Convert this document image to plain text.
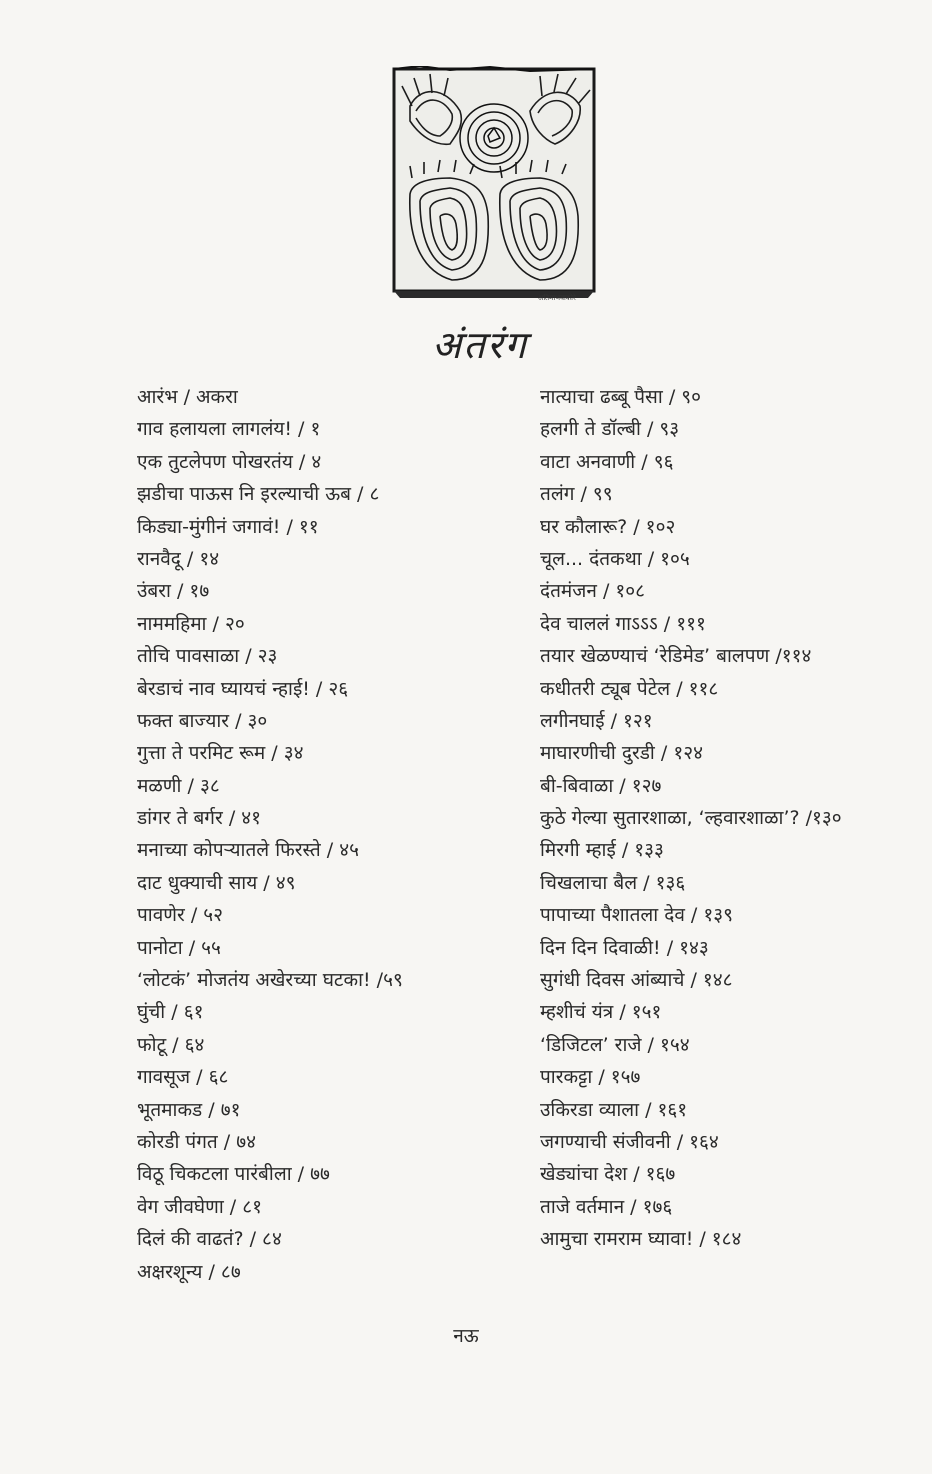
अतिमाभवाकोरे
अंतरंग
आरंभ / अकरा
गाव हलायला लागलंय! / १
एक तुटलेपण पोखरतंय / ४
झडीचा पाऊस नि इरल्याची ऊब / ८
किड्या-मुंगीनं जगावं! / ११
रानवैदू / १४
उंबरा / १७
नाममहिमा / २०
तोचि पावसाळा / २३
बेरडाचं नाव घ्यायचं न्हाई! / २६
फक्त बाज्यार / ३०
गुत्ता ते परमिट रूम / ३४
मळणी / ३८
डांगर ते बर्गर / ४१
मनाच्या कोपऱ्यातले फिरस्ते / ४५
दाट धुक्याची साय / ४९
पावणेर / ५२
पानोटा / ५५
‘लोटकं’ मोजतंय अखेरच्या घटका! /५९
घुंची / ६१
फोटू / ६४
गावसूज / ६८
भूतमाकड / ७१
कोरडी पंगत / ७४
विठू चिकटला पारंबीला / ७७
वेग जीवघेणा / ८१
दिलं की वाढतं? / ८४
अक्षरशून्य / ८७
नात्याचा ढब्बू पैसा / ९०
हलगी ते डॉल्बी / ९३
वाटा अनवाणी / ९६
तलंग / ९९
घर कौलारू? / १०२
चूल... दंतकथा / १०५
दंतमंजन / १०८
देव चाललं गाऽऽऽ / १११
तयार खेळण्याचं ‘रेडिमेड’ बालपण /११४
कधीतरी ट्यूब पेटेल / ११८
लगीनघाई / १२१
माघारणीची दुरडी / १२४
बी-बिवाळा / १२७
कुठे गेल्या सुतारशाळा, ‘ल्हवारशाळा’? /१३०
मिरगी म्हाई / १३३
चिखलाचा बैल / १३६
पापाच्या पैशातला देव / १३९
दिन दिन दिवाळी! / १४३
सुगंधी दिवस आंब्याचे / १४८
म्हशीचं यंत्र / १५१
‘डिजिटल’ राजे / १५४
पारकट्टा / १५७
उकिरडा व्याला / १६१
जगण्याची संजीवनी / १६४
खेड्यांचा देश / १६७
ताजे वर्तमान / १७६
आमुचा रामराम घ्यावा! / १८४
नऊ
